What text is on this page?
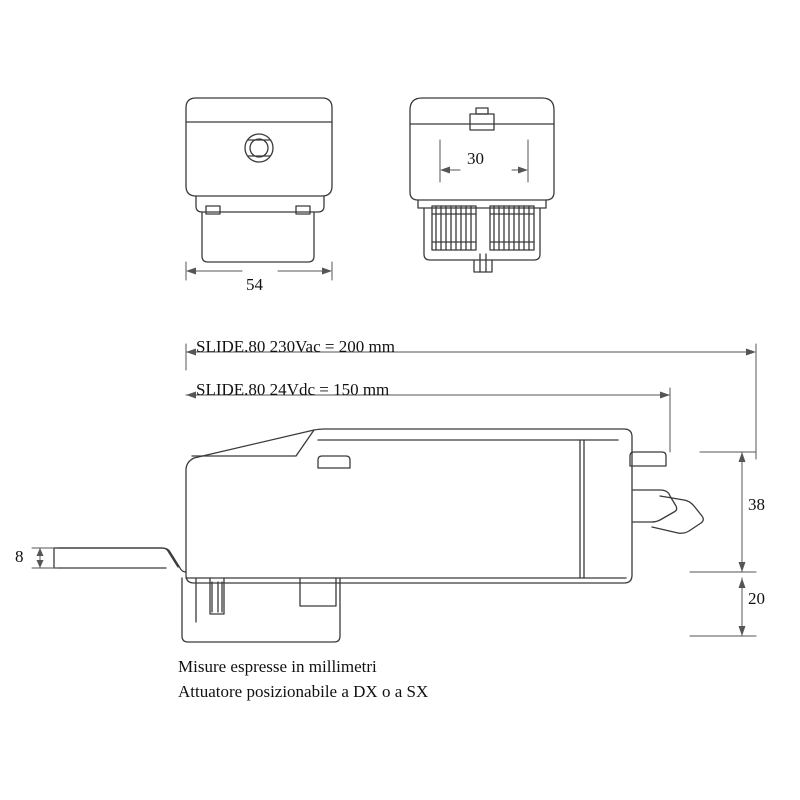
54
30
38
20
8
SLIDE.80 230Vac = 200 mm
SLIDE.80 24Vdc = 150 mm
Misure espresse in millimetri
Attuatore posizionabile a DX o a SX
